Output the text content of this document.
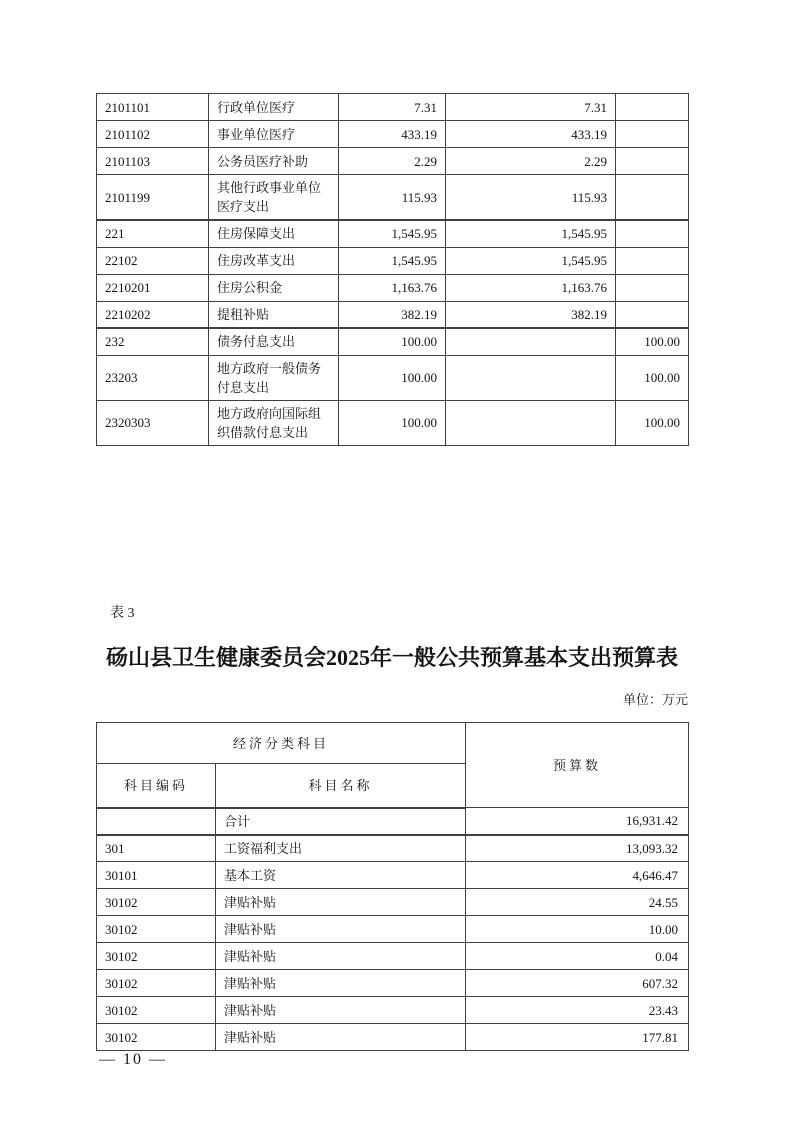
2101101	行政单位医疗	7.31	7.31	
2101102	事业单位医疗	433.19	433.19	
2101103	公务员医疗补助	2.29	2.29	
2101199	其他行政事业单位医疗支出	115.93	115.93	
221	住房保障支出	1,545.95	1,545.95	
22102	住房改革支出	1,545.95	1,545.95	
2210201	住房公积金	1,163.76	1,163.76	
2210202	提租补贴	382.19	382.19	
232	债务付息支出	100.00		100.00
23203	地方政府一般债务付息支出	100.00		100.00
2320303	地方政府向国际组织借款付息支出	100.00		100.00
表 3
砀山县卫生健康委员会2025年一般公共预算基本支出预算表
单位：万元
经济分类科目		预算数
科目编码	科目名称	
	合计	16,931.42
301	工资福利支出	13,093.32
30101	基本工资	4,646.47
30102	津贴补贴	24.55
30102	津贴补贴	10.00
30102	津贴补贴	0.04
30102	津贴补贴	607.32
30102	津贴补贴	23.43
30102	津贴补贴	177.81
— 10 —
